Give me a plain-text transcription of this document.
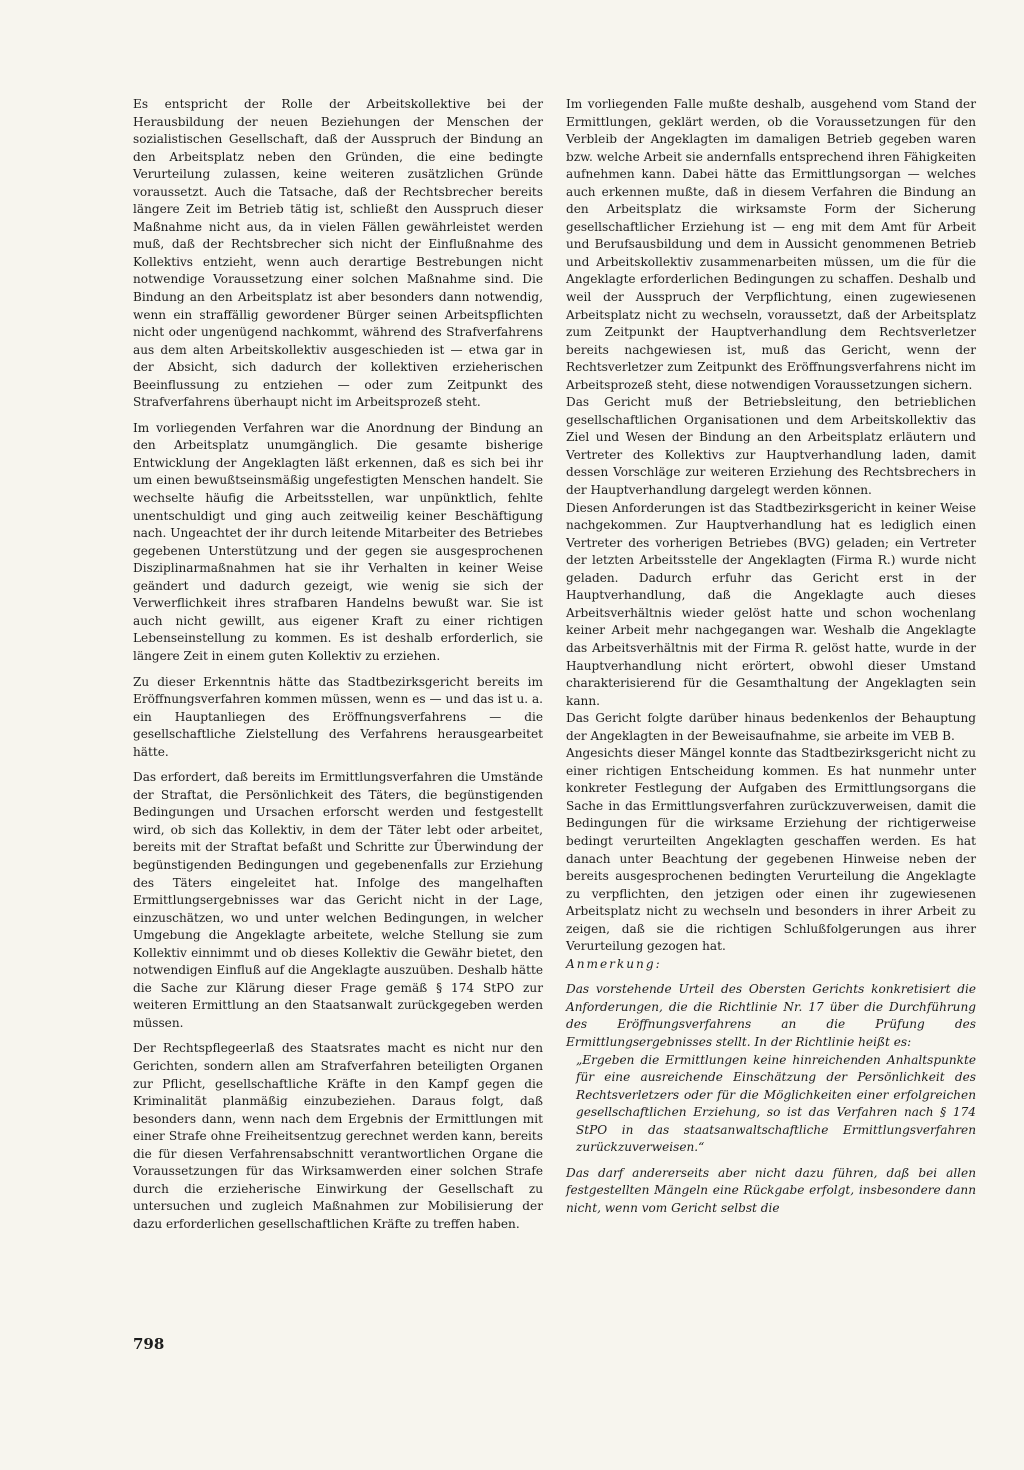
Es entspricht der Rolle der Arbeitskollektive bei der Herausbildung der neuen Beziehungen der Menschen der sozialistischen Gesellschaft, daß der Ausspruch der Bindung an den Arbeitsplatz neben den Gründen, die eine bedingte Verurteilung zulassen, keine weiteren zusätzlichen Gründe voraussetzt. Auch die Tatsache, daß der Rechtsbrecher bereits längere Zeit im Betrieb tätig ist, schließt den Ausspruch dieser Maßnahme nicht aus, da in vielen Fällen gewährleistet werden muß, daß der Rechtsbrecher sich nicht der Einflußnahme des Kollektivs entzieht, wenn auch derartige Bestrebungen nicht notwendige Voraussetzung einer solchen Maßnahme sind. Die Bindung an den Arbeitsplatz ist aber besonders dann notwendig, wenn ein straffällig gewordener Bürger seinen Arbeitspflichten nicht oder ungenügend nachkommt, während des Strafverfahrens aus dem alten Arbeitskollektiv ausgeschieden ist — etwa gar in der Absicht, sich dadurch der kollektiven erzieherischen Beeinflussung zu entziehen — oder zum Zeitpunkt des Strafverfahrens überhaupt nicht im Arbeitsprozeß steht.

Im vorliegenden Verfahren war die Anordnung der Bindung an den Arbeitsplatz unumgänglich. Die gesamte bisherige Entwicklung der Angeklagten läßt erkennen, daß es sich bei ihr um einen bewußtseinsmäßig ungefestigten Menschen handelt. Sie wechselte häufig die Arbeitsstellen, war unpünktlich, fehlte unentschuldigt und ging auch zeitweilig keiner Beschäftigung nach. Ungeachtet der ihr durch leitende Mitarbeiter des Betriebes gegebenen Unterstützung und der gegen sie ausgesprochenen Disziplinarmaßnahmen hat sie ihr Verhalten in keiner Weise geändert und dadurch gezeigt, wie wenig sie sich der Verwerflichkeit ihres strafbaren Handelns bewußt war. Sie ist auch nicht gewillt, aus eigener Kraft zu einer richtigen Lebenseinstellung zu kommen. Es ist deshalb erforderlich, sie längere Zeit in einem guten Kollektiv zu erziehen.

Zu dieser Erkenntnis hätte das Stadtbezirksgericht bereits im Eröffnungsverfahren kommen müssen, wenn es — und das ist u. a. ein Hauptanliegen des Eröffnungsverfahrens — die gesellschaftliche Zielstellung des Verfahrens herausgearbeitet hätte.

Das erfordert, daß bereits im Ermittlungsverfahren die Umstände der Straftat, die Persönlichkeit des Täters, die begünstigenden Bedingungen und Ursachen erforscht werden und festgestellt wird, ob sich das Kollektiv, in dem der Täter lebt oder arbeitet, bereits mit der Straftat befaßt und Schritte zur Überwindung der begünstigenden Bedingungen und gegebenenfalls zur Erziehung des Täters eingeleitet hat. Infolge des mangelhaften Ermittlungsergebnisses war das Gericht nicht in der Lage, einzuschätzen, wo und unter welchen Bedingungen, in welcher Umgebung die Angeklagte arbeitete, welche Stellung sie zum Kollektiv einnimmt und ob dieses Kollektiv die Gewähr bietet, den notwendigen Einfluß auf die Angeklagte auszuüben. Deshalb hätte die Sache zur Klärung dieser Frage gemäß § 174 StPO zur weiteren Ermittlung an den Staatsanwalt zurückgegeben werden müssen.

Der Rechtspflegeerlaß des Staatsrates macht es nicht nur den Gerichten, sondern allen am Strafverfahren beteiligten Organen zur Pflicht, gesellschaftliche Kräfte in den Kampf gegen die Kriminalität planmäßig einzubeziehen. Daraus folgt, daß besonders dann, wenn nach dem Ergebnis der Ermittlungen mit einer Strafe ohne Freiheitsentzug gerechnet werden kann, bereits die für diesen Verfahrensabschnitt verantwortlichen Organe die Voraussetzungen für das Wirksamwerden einer solchen Strafe durch die erzieherische Einwirkung der Gesellschaft zu untersuchen und zugleich Maßnahmen zur Mobilisierung der dazu erforderlichen gesellschaftlichen Kräfte zu treffen haben.

Im vorliegenden Falle mußte deshalb, ausgehend vom Stand der Ermittlungen, geklärt werden, ob die Voraussetzungen für den Verbleib der Angeklagten im damaligen Betrieb gegeben waren bzw. welche Arbeit sie andernfalls entsprechend ihren Fähigkeiten aufnehmen kann. Dabei hätte das Ermittlungsorgan — welches auch erkennen mußte, daß in diesem Verfahren die Bindung an den Arbeitsplatz die wirksamste Form der Sicherung gesellschaftlicher Erziehung ist — eng mit dem Amt für Arbeit und Berufsausbildung und dem in Aussicht genommenen Betrieb und Arbeitskollektiv zusammenarbeiten müssen, um die für die Angeklagte erforderlichen Bedingungen zu schaffen. Deshalb und weil der Ausspruch der Verpflichtung, einen zugewiesenen Arbeitsplatz nicht zu wechseln, voraussetzt, daß der Arbeitsplatz zum Zeitpunkt der Hauptverhandlung dem Rechtsverletzer bereits nachgewiesen ist, muß das Gericht, wenn der Rechtsverletzer zum Zeitpunkt des Eröffnungsverfahrens nicht im Arbeitsprozeß steht, diese notwendigen Voraussetzungen sichern.

Das Gericht muß der Betriebsleitung, den betrieblichen gesellschaftlichen Organisationen und dem Arbeitskollektiv das Ziel und Wesen der Bindung an den Arbeitsplatz erläutern und Vertreter des Kollektivs zur Hauptverhandlung laden, damit dessen Vorschläge zur weiteren Erziehung des Rechtsbrechers in der Hauptverhandlung dargelegt werden können.

Diesen Anforderungen ist das Stadtbezirksgericht in keiner Weise nachgekommen. Zur Hauptverhandlung hat es lediglich einen Vertreter des vorherigen Betriebes (BVG) geladen; ein Vertreter der letzten Arbeitsstelle der Angeklagten (Firma R.) wurde nicht geladen. Dadurch erfuhr das Gericht erst in der Hauptverhandlung, daß die Angeklagte auch dieses Arbeitsverhältnis wieder gelöst hatte und schon wochenlang keiner Arbeit mehr nachgegangen war. Weshalb die Angeklagte das Arbeitsverhältnis mit der Firma R. gelöst hatte, wurde in der Hauptverhandlung nicht erörtert, obwohl dieser Umstand charakterisierend für die Gesamthaltung der Angeklagten sein kann.

Das Gericht folgte darüber hinaus bedenkenlos der Behauptung der Angeklagten in der Beweisaufnahme, sie arbeite im VEB B.

Angesichts dieser Mängel konnte das Stadtbezirksgericht nicht zu einer richtigen Entscheidung kommen. Es hat nunmehr unter konkreter Festlegung der Aufgaben des Ermittlungsorgans die Sache in das Ermittlungsverfahren zurückzuverweisen, damit die Bedingungen für die wirksame Erziehung der richtigerweise bedingt verurteilten Angeklagten geschaffen werden. Es hat danach unter Beachtung der gegebenen Hinweise neben der bereits ausgesprochenen bedingten Verurteilung die Angeklagte zu verpflichten, den jetzigen oder einen ihr zugewiesenen Arbeitsplatz nicht zu wechseln und besonders in ihrer Arbeit zu zeigen, daß sie die richtigen Schlußfolgerungen aus ihrer Verurteilung gezogen hat.

Anmerkung:

Das vorstehende Urteil des Obersten Gerichts konkretisiert die Anforderungen, die die Richtlinie Nr. 17 über die Durchführung des Eröffnungsverfahrens an die Prüfung des Ermittlungsergebnisses stellt. In der Richtlinie heißt es:

„Ergeben die Ermittlungen keine hinreichenden Anhaltspunkte für eine ausreichende Einschätzung der Persönlichkeit des Rechtsverletzers oder für die Möglichkeiten einer erfolgreichen gesellschaftlichen Erziehung, so ist das Verfahren nach § 174 StPO in das staatsanwaltschaftliche Ermittlungsverfahren zurückzuverweisen.“

Das darf andererseits aber nicht dazu führen, daß bei allen festgestellten Mängeln eine Rückgabe erfolgt, insbesondere dann nicht, wenn vom Gericht selbst die

798
